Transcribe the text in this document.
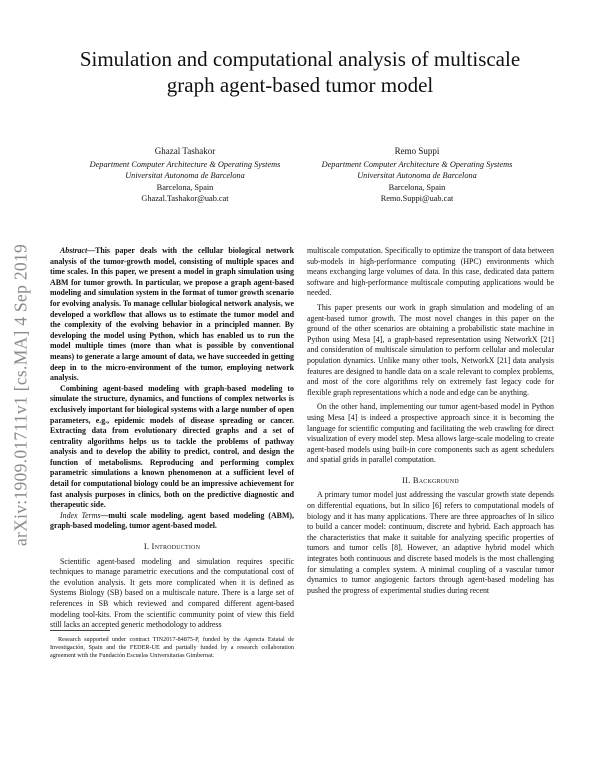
Simulation and computational analysis of multiscale
graph agent-based tumor model
Ghazal Tashakor
Department Computer Architecture & Operating Systems
Universitat Autonoma de Barcelona
Barcelona, Spain
Ghazal.Tashakor@uab.cat
Remo Suppi
Department Computer Architecture & Operating Systems
Universitat Autonoma de Barcelona
Barcelona, Spain
Remo.Suppi@uab.cat
arXiv:1909.01711v1 [cs.MA] 4 Sep 2019	Abstract—This paper deals with the cellular biological network analysis of the tumor-growth model, consisting of multiple spaces and time scales. In this paper, we present a model in graph simulation using ABM for tumor growth. In particular, we propose a graph agent-based modeling and simulation system in the format of tumor growth scenario for evolving analysis. To manage cellular biological network analysis, we developed a workflow that allows us to estimate the tumor model and the complexity of the evolving behavior in a principled manner. By developing the model using Python, which has enabled us to run the model multiple times (more than what is possible by conventional means) to generate a large amount of data, we have succeeded in getting deep in to the micro-environment of the tumor, employing network analysis.

Combining agent-based modeling with graph-based modeling to simulate the structure, dynamics, and functions of complex networks is exclusively important for biological systems with a large number of open parameters, e.g., epidemic models of disease spreading or cancer. Extracting data from evolutionary directed graphs and a set of centrality algorithms helps us to tackle the problems of pathway analysis and to develop the ability to predict, control, and design the function of metabolisms. Reproducing and performing complex parametric simulations a known phenomenon at a sufficient level of detail for computational biology could be an impressive achievement for fast analysis purposes in clinics, both on the predictive diagnostic and therapeutic side.

Index Terms—multi scale modeling, agent based modeling (ABM), graph-based modeling, tumor agent-based model.

I. Introduction

Scientific agent-based modeling and simulation requires specific techniques to manage parametric executions and the computational cost of the evolution analysis. It gets more complicated when it is defined as Systems Biology (SB) based on a multiscale nature. There is a large set of references in SB which reviewed and compared different agent-based modeling tool-kits. From the scientific community point of view this field still lacks an accepted generic methodology to address

Research supported under contract TIN2017-84875-P, funded by the Agencia Estatal de Investigación, Spain and the FEDER-UE and partially funded by a research collaboration agreement with the Fundación Escuelas Universitarias Gimbernat.

multiscale computation. Specifically to optimize the transport of data between sub-models in high-performance computing (HPC) environments which means exchanging large volumes of data. In this case, dedicated data pattern software and high-performance multiscale computing applications would be needed.

This paper presents our work in graph simulation and modeling of an agent-based tumor growth. The most novel changes in this paper on the ground of the other scenarios are obtaining a probabilistic state machine in Python using Mesa [4], a graph-based representation using NetworkX [21] and consideration of multiscale simulation to perform cellular and molecular population dynamics. Unlike many other tools, NetworkX [21] data analysis features are designed to handle data on a scale relevant to complex problems, and most of the core algorithms rely on extremely fast legacy code for flexible graph representations which a node and edge can be anything.

On the other hand, implementing our tumor agent-based model in Python using Mesa [4] is indeed a prospective approach since it is becoming the language for scientific computing and facilitating the web crawling for direct visualization of every model step. Mesa allows large-scale modeling to create agent-based models using built-in core components such as agent schedulers and spatial grids in parallel computation.

II. Background

A primary tumor model just addressing the vascular growth state depends on differential equations, but In silico [6] refers to computational models of biology and it has many applications. There are three approaches of In silico to build a cancer model: continuum, discrete and hybrid. Each approach has the characteristics that make it suitable for analyzing specific properties of tumors and tumor cells [8]. However, an adaptive hybrid model which integrates both continuous and discrete based models is the most challenging for simulating a complex system. A minimal coupling of a vascular tumor dynamics to tumor angiogenic factors through agent-based modeling has pushed the progress of experimental studies during recent
